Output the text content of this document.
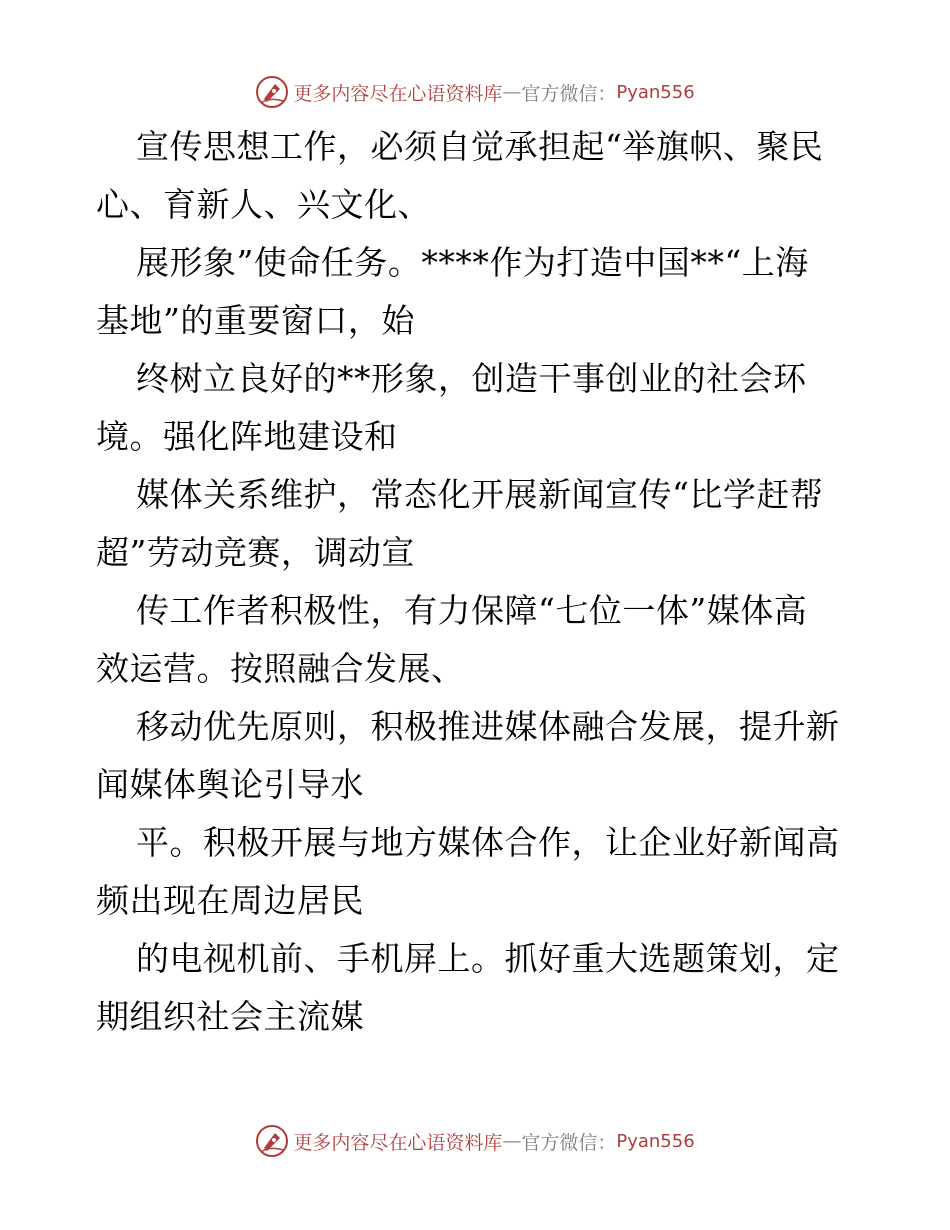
更多内容尽在心语资料库 — 官方微信： Pyan556

宣传思想工作，必须自觉承担起“举旗帜、聚民
心、育新人、兴文化、

展形象”使命任务。****作为打造中国**“上海
基地”的重要窗口，始

终树立良好的**形象，创造干事创业的社会环
境。强化阵地建设和

媒体关系维护，常态化开展新闻宣传“比学赶帮
超”劳动竞赛，调动宣

传工作者积极性，有力保障“七位一体”媒体高
效运营。按照融合发展、

移动优先原则，积极推进媒体融合发展，提升新
闻媒体舆论引导水

平。积极开展与地方媒体合作，让企业好新闻高
频出现在周边居民

的电视机前、手机屏上。抓好重大选题策划，定
期组织社会主流媒

更多内容尽在心语资料库 — 官方微信： Pyan556
